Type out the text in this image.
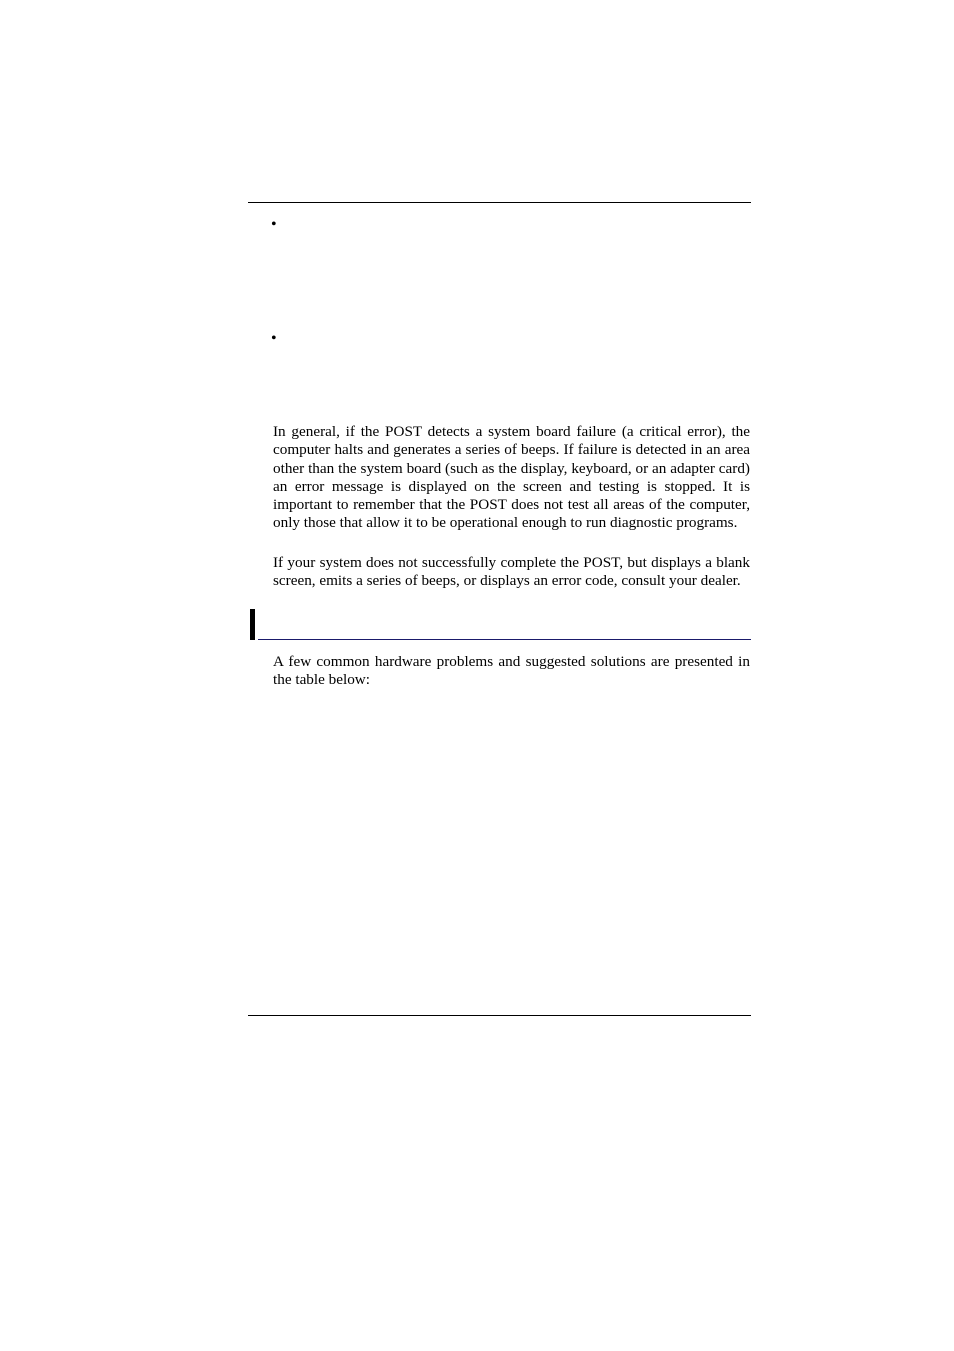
•
•

In general, if the POST detects a system board failure (a critical error), the computer halts and generates a series of beeps. If failure is detected in an area other than the system board (such as the display, keyboard, or an adapter card) an error message is displayed on the screen and testing is stopped. It is important to remember that the POST does not test all areas of the computer, only those that allow it to be operational enough to run diagnostic programs.

If your system does not successfully complete the POST, but displays a blank screen, emits a series of beeps, or displays an error code, consult your dealer.

A few common hardware problems and suggested solutions are presented in the table below:
